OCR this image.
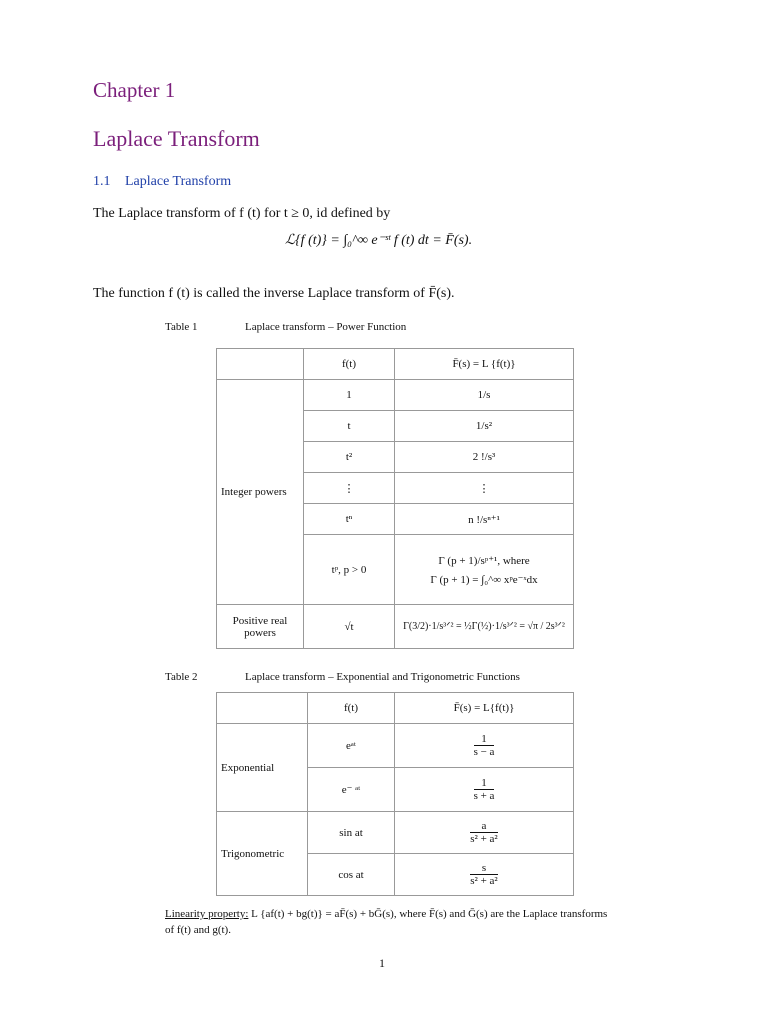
Chapter 1
Laplace Transform
1.1 Laplace Transform
The Laplace transform of f (t) for t ≥ 0, id defined by
ℒ{f (t)} = ∫₀^∞ e⁻ˢᵗ f (t) dt = F̄(s).
The function f (t) is called the inverse Laplace transform of F̄(s).
Table 1	Laplace transform – Power Function
	f(t)	F̄(s) = L {f(t)}
Integer powers	1	1/s
	t	1/s²
	t²	2 !/s³
	⋮	⋮
	tⁿ	n !/sⁿ⁺¹
	tᵖ, p > 0	Γ (p + 1)/sᵖ⁺¹, where
Γ (p + 1) = ∫₀^∞ xᵖe⁻ˣdx

Positive real powers	√t	Γ(3/2)·1/s³ᐟ² = ½Γ(½)·1/s³ᐟ² = √π / 2s³ᐟ²
Table 2	Laplace transform – Exponential and Trigonometric Functions
	f(t)	F̄(s) = L{f(t)}
Exponential	eᵃᵗ	$\frac{1}{s - a}$

	e⁻ ᵃᵗ	$\frac{1}{s + a}$

Trigonometric	sin at	$\frac{a}{\text{s² + a²}}$

	cos at	$\frac{s}{\text{s² + a²}}$
Linearity property: L {af(t) + bg(t)} = aF̄(s) + bḠ(s), where F̄(s) and Ḡ(s) are the Laplace transforms of f(t) and g(t).
1
